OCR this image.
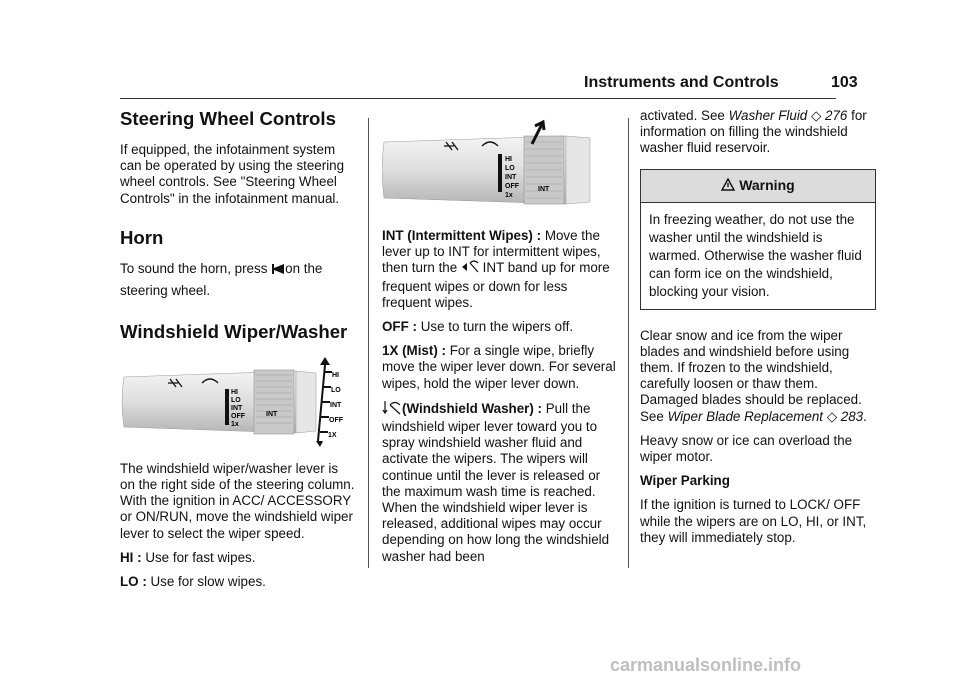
Instruments and Controls	103
Steering Wheel Controls

If equipped, the infotainment system can be operated by using the steering wheel controls. See "Steering Wheel Controls" in the infotainment manual.

Horn

To sound the horn, press on the steering wheel.

Windshield Wiper/Washer
HI
LO
INT
OFF
1X
HI
LO
INT
OFF
1x
INT

The windshield wiper/washer lever is on the right side of the steering column. With the ignition in ACC/ ACCESSORY or ON/RUN, move the windshield wiper lever to select the wiper speed.

HI : Use for fast wipes.

LO : Use for slow wipes.

HI
LO
INT
OFF
1x
INT

INT (Intermittent Wipes) : Move the lever up to INT for intermittent wipes, then turn the INT band up for more frequent wipes or down for less frequent wipes.

OFF : Use to turn the wipers off.

1X (Mist) : For a single wipe, briefly move the wiper lever down. For several wipes, hold the wiper lever down.

(Windshield Washer) : Pull the windshield wiper lever toward you to spray windshield washer fluid and activate the wipers. The wipers will continue until the lever is released or the maximum wash time is reached. When the windshield wiper lever is released, additional wipes may occur depending on how long the windshield washer had been

activated. See Washer Fluid ◇ 276 for information on filling the windshield washer fluid reservoir.

Warning
In freezing weather, do not use the washer until the windshield is warmed. Otherwise the washer fluid can form ice on the windshield, blocking your vision.

Clear snow and ice from the wiper blades and windshield before using them. If frozen to the windshield, carefully loosen or thaw them. Damaged blades should be replaced. See Wiper Blade Replacement ◇ 283.

Heavy snow or ice can overload the wiper motor.

Wiper Parking

If the ignition is turned to LOCK/ OFF while the wipers are on LO, HI, or INT, they will immediately stop.

carmanualsonline.info
